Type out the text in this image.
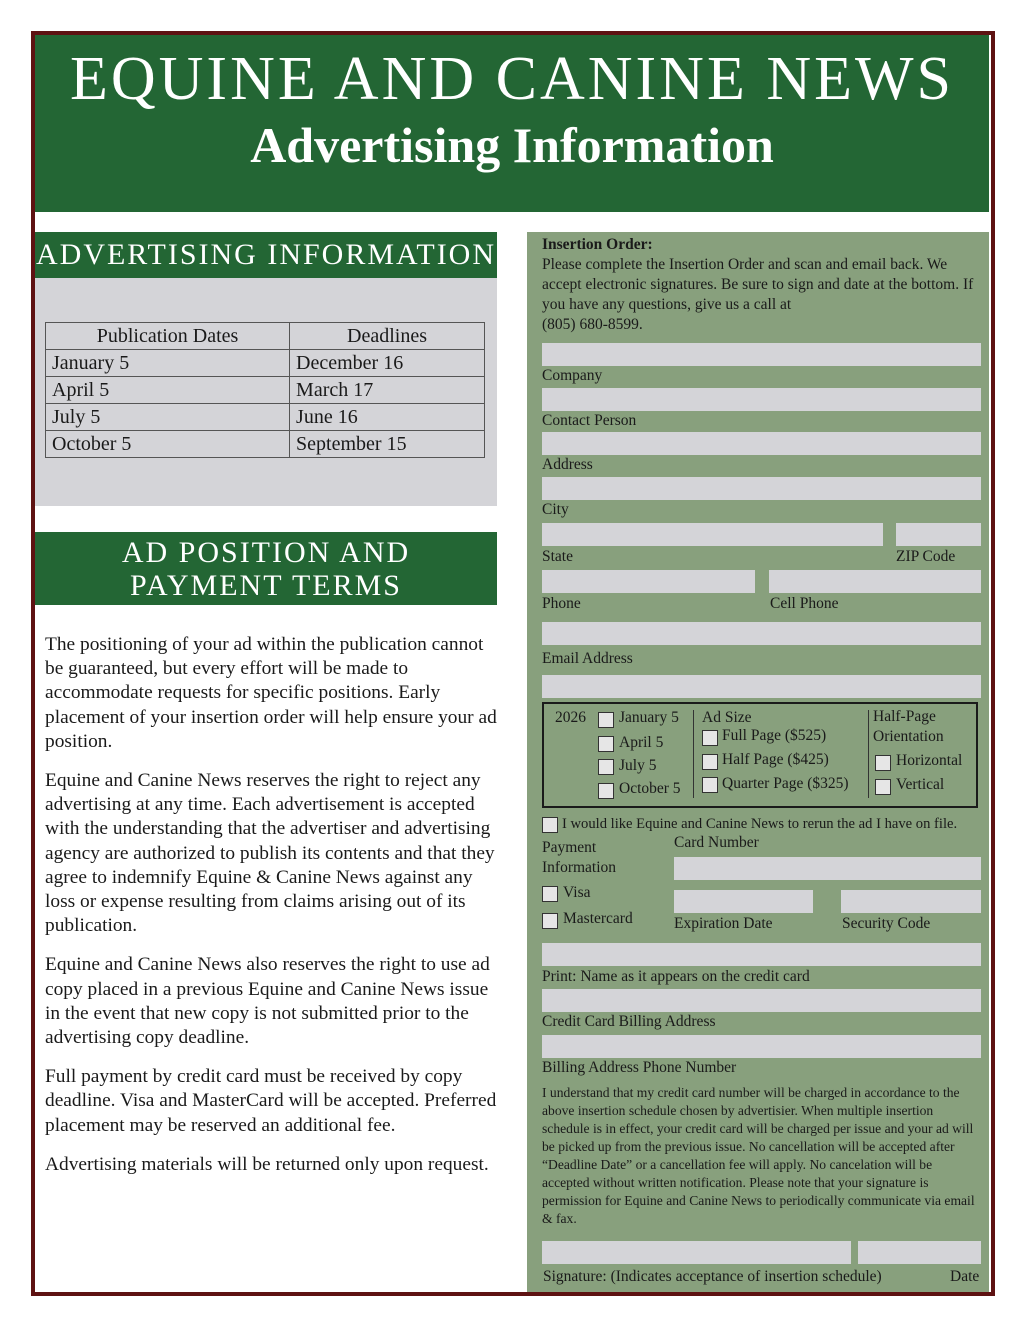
EQUINE AND CANINE NEWS
Advertising Information
ADVERTISING INFORMATION
Publication Dates	Deadlines
January 5	December 16
April 5	March 17
July 5	June 16
October 5	September 15
AD POSITION AND
PAYMENT TERMS

The positioning of your ad within the publication cannot be guaranteed, but every effort will be made to accommodate requests for specific positions. Early placement of your insertion order will help ensure your ad position.

Equine and Canine News reserves the right to reject any advertising at any time. Each advertisement is accepted with the understanding that the advertiser and advertising agency are authorized to publish its contents and that they agree to indemnify Equine & Canine News against any loss or expense resulting from claims arising out of its publication.

Equine and Canine News also reserves the right to use ad copy placed in a previous Equine and Canine News issue in the event that new copy is not submitted prior to the advertising copy deadline.

Full payment by credit card must be received by copy deadline. Visa and MasterCard will be accepted. Preferred placement may be reserved an additional fee.

Advertising materials will be returned only upon request.

Insertion Order:
Please complete the Insertion Order and scan and email back. We accept electronic signatures. Be sure to sign and date at the bottom. If you have any questions, give us a call at
(805) 680-8599.
Company
Contact Person
Address
City
State	ZIP Code
Phone	Cell Phone
Email Address
2026 January 5
April 5
July 5
October 5
Ad Size
Full Page ($525)
Half Page ($425)
Quarter Page ($325)
Half-Page
Orientation
Horizontal
Vertical
I would like Equine and Canine News to rerun the ad I have on file.
Payment
Information
Card Number
Visa
Mastercard	Expiration Date	Security Code
Print: Name as it appears on the credit card
Credit Card Billing Address
Billing Address Phone Number
I understand that my credit card number will be charged in accordance to the above insertion schedule chosen by advertisier. When multiple insertion schedule is in effect, your credit card will be charged per issue and your ad will be picked up from the previous issue. No cancellation will be accepted after “Deadline Date” or a cancellation fee will apply. No cancelation will be accepted without written notification. Please note that your signature is permission for Equine and Canine News to periodically communicate via email & fax.
Signature: (Indicates acceptance of insertion schedule)	Date
